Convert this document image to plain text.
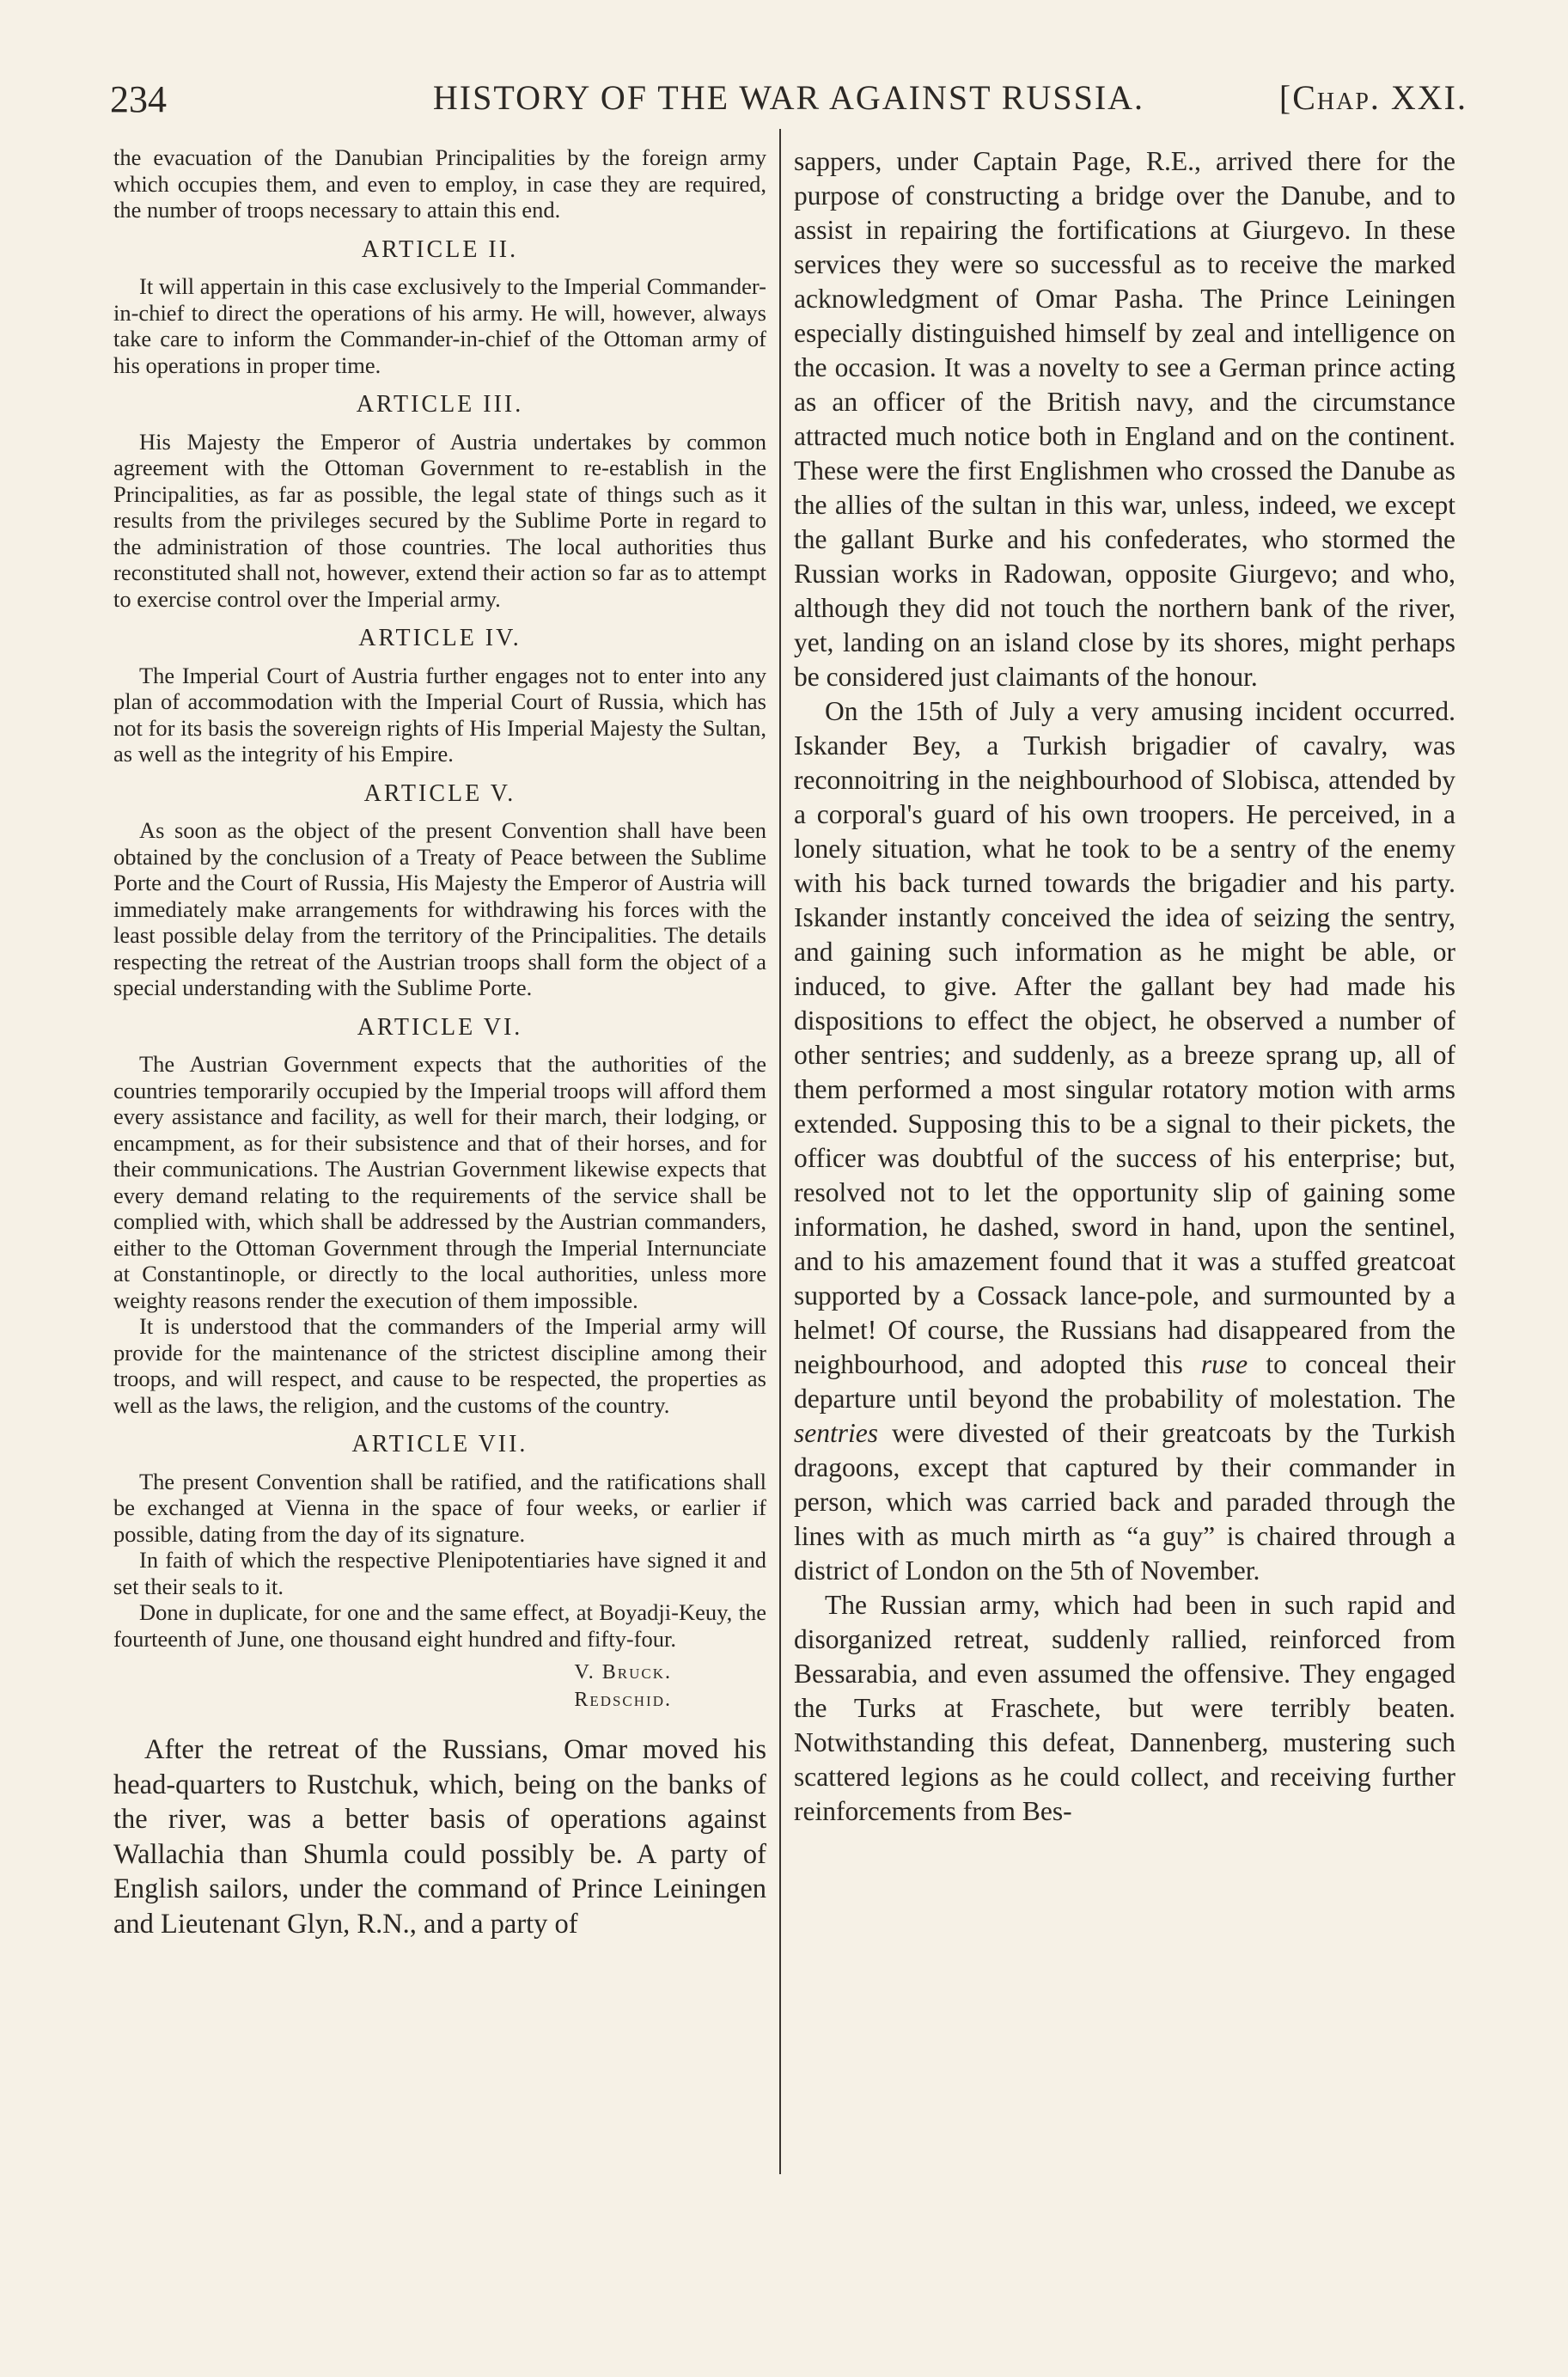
234	HISTORY OF THE WAR AGAINST RUSSIA.	[Chap. XXI.

the evacuation of the Danubian Principalities by the foreign army which occupies them, and even to employ, in case they are required, the number of troops necessary to attain this end.

ARTICLE II.

It will appertain in this case exclusively to the Imperial Commander-in-chief to direct the operations of his army. He will, however, always take care to inform the Commander-in-chief of the Ottoman army of his operations in proper time.

ARTICLE III.

His Majesty the Emperor of Austria undertakes by common agreement with the Ottoman Government to re-establish in the Principalities, as far as possible, the legal state of things such as it results from the privileges secured by the Sublime Porte in regard to the administration of those countries. The local authorities thus reconstituted shall not, however, extend their action so far as to attempt to exercise control over the Imperial army.

ARTICLE IV.

The Imperial Court of Austria further engages not to enter into any plan of accommodation with the Imperial Court of Russia, which has not for its basis the sovereign rights of His Imperial Majesty the Sultan, as well as the integrity of his Empire.

ARTICLE V.

As soon as the object of the present Convention shall have been obtained by the conclusion of a Treaty of Peace between the Sublime Porte and the Court of Russia, His Majesty the Emperor of Austria will immediately make arrangements for withdrawing his forces with the least possible delay from the territory of the Principalities. The details respecting the retreat of the Austrian troops shall form the object of a special understanding with the Sublime Porte.

ARTICLE VI.

The Austrian Government expects that the authorities of the countries temporarily occupied by the Imperial troops will afford them every assistance and facility, as well for their march, their lodging, or encampment, as for their subsistence and that of their horses, and for their communications. The Austrian Government likewise expects that every demand relating to the requirements of the service shall be complied with, which shall be addressed by the Austrian commanders, either to the Ottoman Government through the Imperial Internunciate at Constantinople, or directly to the local authorities, unless more weighty reasons render the execution of them impossible.

It is understood that the commanders of the Imperial army will provide for the maintenance of the strictest discipline among their troops, and will respect, and cause to be respected, the properties as well as the laws, the religion, and the customs of the country.

ARTICLE VII.

The present Convention shall be ratified, and the ratifications shall be exchanged at Vienna in the space of four weeks, or earlier if possible, dating from the day of its signature.

In faith of which the respective Plenipotentiaries have signed it and set their seals to it.

Done in duplicate, for one and the same effect, at Boyadji-Keuy, the fourteenth of June, one thousand eight hundred and fifty-four.

V. Bruck.
Redschid.

After the retreat of the Russians, Omar moved his head-quarters to Rustchuk, which, being on the banks of the river, was a better basis of operations against Wallachia than Shumla could possibly be. A party of English sailors, under the command of Prince Leiningen and Lieutenant Glyn, R.N., and a party of

sappers, under Captain Page, R.E., arrived there for the purpose of constructing a bridge over the Danube, and to assist in repairing the fortifications at Giurgevo. In these services they were so successful as to receive the marked acknowledgment of Omar Pasha. The Prince Leiningen especially distinguished himself by zeal and intelligence on the occasion. It was a novelty to see a German prince acting as an officer of the British navy, and the circumstance attracted much notice both in England and on the continent. These were the first Englishmen who crossed the Danube as the allies of the sultan in this war, unless, indeed, we except the gallant Burke and his confederates, who stormed the Russian works in Radowan, opposite Giurgevo; and who, although they did not touch the northern bank of the river, yet, landing on an island close by its shores, might perhaps be considered just claimants of the honour.

On the 15th of July a very amusing incident occurred. Iskander Bey, a Turkish brigadier of cavalry, was reconnoitring in the neighbourhood of Slobisca, attended by a corporal's guard of his own troopers. He perceived, in a lonely situation, what he took to be a sentry of the enemy with his back turned towards the brigadier and his party. Iskander instantly conceived the idea of seizing the sentry, and gaining such information as he might be able, or induced, to give. After the gallant bey had made his dispositions to effect the object, he observed a number of other sentries; and suddenly, as a breeze sprang up, all of them performed a most singular rotatory motion with arms extended. Supposing this to be a signal to their pickets, the officer was doubtful of the success of his enterprise; but, resolved not to let the opportunity slip of gaining some information, he dashed, sword in hand, upon the sentinel, and to his amazement found that it was a stuffed greatcoat supported by a Cossack lance-pole, and surmounted by a helmet! Of course, the Russians had disappeared from the neighbourhood, and adopted this ruse to conceal their departure until beyond the probability of molestation. The sentries were divested of their greatcoats by the Turkish dragoons, except that captured by their commander in person, which was carried back and paraded through the lines with as much mirth as “a guy” is chaired through a district of London on the 5th of November.

The Russian army, which had been in such rapid and disorganized retreat, suddenly rallied, reinforced from Bessarabia, and even assumed the offensive. They engaged the Turks at Fraschete, but were terribly beaten. Notwithstanding this defeat, Dannenberg, mustering such scattered legions as he could collect, and receiving further reinforcements from Bes-
